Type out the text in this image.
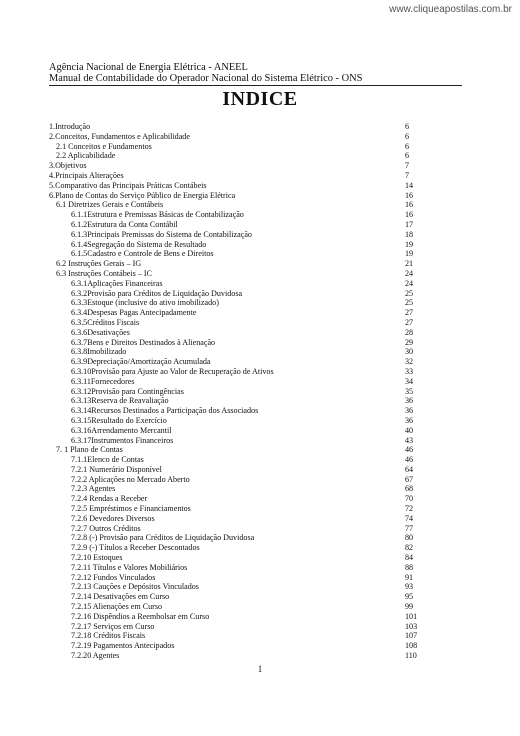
www.cliqueapostilas.com.br
Agência Nacional de Energia Elétrica - ANEEL
Manual de Contabilidade do Operador Nacional do Sistema Elétrico - ONS
INDICE
1.Introdução	6
2.Conceitos, Fundamentos e Aplicabilidade	6
2.1 Conceitos e Fundamentos	6
2.2 Aplicabilidade	6
3.Objetivos	7
4.Principais Alterações	7
5.Comparativo das Principais Práticas Contábeis	14
6.Plano de Contas do Serviço Público de Energia Elétrica	16
6.1 Diretrizes Gerais e Contábeis	16
6.1.1Estrutura e Premissas Básicas de Contabilização	16
6.1.2Estrutura da Conta Contábil	17
6.1.3Principais Premissas do Sistema de Contabilização	18
6.1.4Segregação do Sistema de Resultado	19
6.1.5Cadastro e Controle de Bens e Direitos	19
6.2 Instruções Gerais – IG	21
6.3 Instruções Contábeis – IC	24
6.3.1Aplicações Financeiras	24
6.3.2Provisão para Créditos de Liquidação Duvidosa	25
6.3.3Estoque (inclusive do ativo imobilizado)	25
6.3.4Despesas Pagas Antecipadamente	27
6.3.5Créditos Fiscais	27
6.3.6Desativações	28
6.3.7Bens e Direitos Destinados à Alienação	29
6.3.8Imobilizado	30
6.3.9Depreciação/Amortização Acumulada	32
6.3.10Provisão para Ajuste ao Valor de Recuperação de Ativos	33
6.3.11Fornecedores	34
6.3.12Provisão para Contingências	35
6.3.13Reserva de Reavaliação	36
6.3.14Recursos Destinados a Participação dos Associados	36
6.3.15Resultado do Exercício	36
6.3.16Arrendamento Mercantil	40
6.3.17Instrumentos Financeiros	43
7. 1 Plano de Contas	46
7.1.1Elenco de Contas	46
7.2.1 Numerário Disponível	64
7.2.2 Aplicações no Mercado Aberto	67
7.2.3 Agentes	68
7.2.4 Rendas a Receber	70
7.2.5 Empréstimos e Financiamentos	72
7.2.6 Devedores Diversos	74
7.2.7 Outros Créditos	77
7.2.8 (-) Provisão para Créditos de Liquidação Duvidosa	80
7.2.9 (-) Títulos a Receber Descontados	82
7.2.10 Estoques	84
7.2.11 Títulos e Valores Mobiliários	88
7.2.12 Fundos Vinculados	91
7.2.13 Cauções e Depósitos Vinculados	93
7.2.14 Desativações em Curso	95
7.2.15 Alienações em Curso	99
7.2.16 Dispêndios a Reembolsar em Curso	101
7.2.17 Serviços em Curso	103
7.2.18 Créditos Fiscais	107
7.2.19 Pagamentos Antecipados	108
7.2.20 Agentes	110
1
